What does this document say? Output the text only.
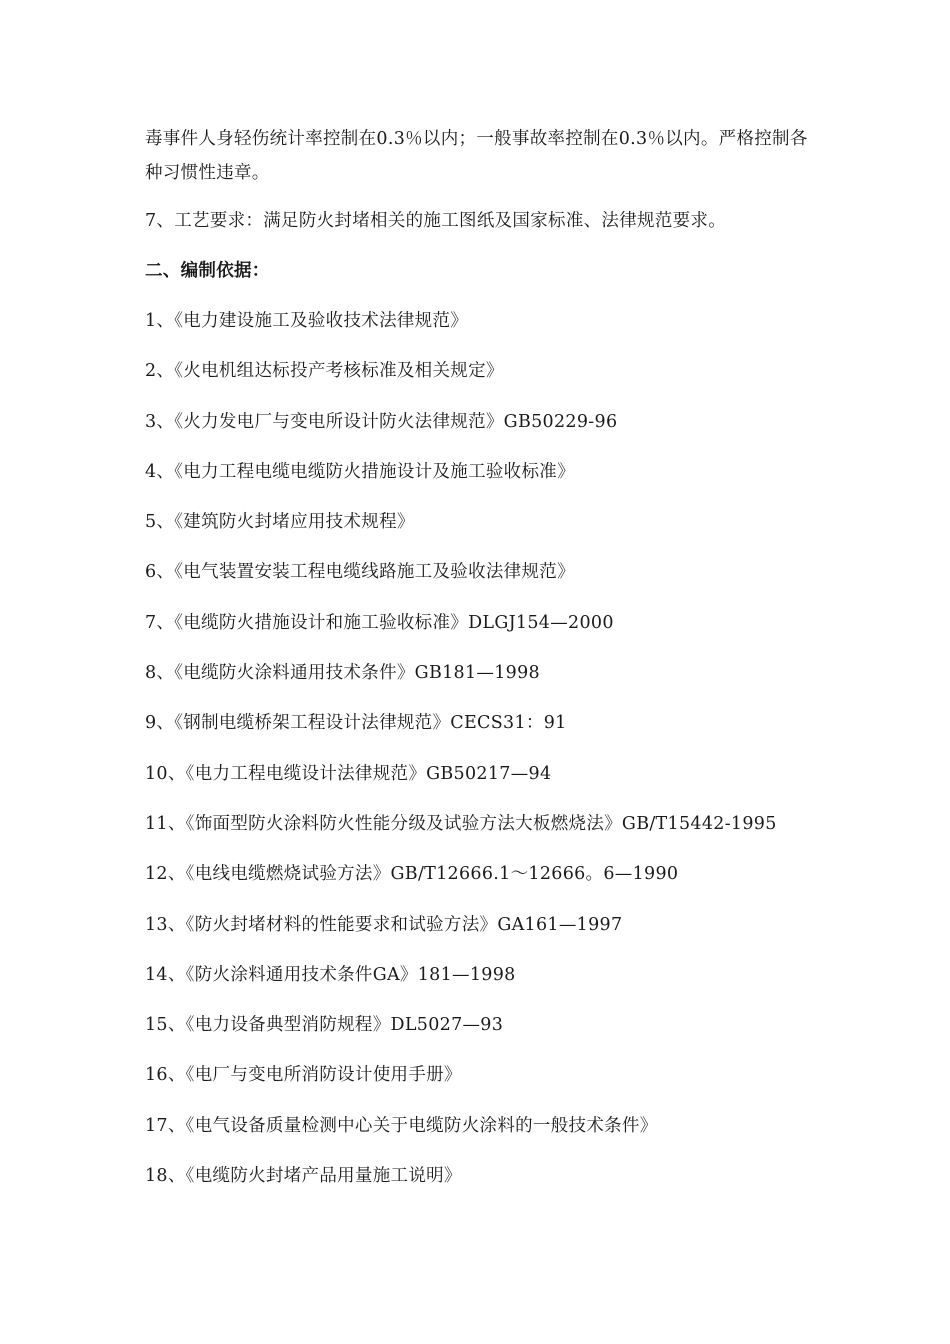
毒事件人身轻伤统计率控制在0.3％以内；一般事故率控制在0.3％以内。严格控制各种习惯性违章。

7、工艺要求：满足防火封堵相关的施工图纸及国家标准、法律规范要求。

二、编制依据：
1、《电力建设施工及验收技术法律规范》
2、《火电机组达标投产考核标准及相关规定》
3、《火力发电厂与变电所设计防火法律规范》GB50229-96
4、《电力工程电缆电缆防火措施设计及施工验收标准》
5、《建筑防火封堵应用技术规程》
6、《电气装置安装工程电缆线路施工及验收法律规范》
7、《电缆防火措施设计和施工验收标准》DLGJ154—2000
8、《电缆防火涂料通用技术条件》GB181—1998
9、《钢制电缆桥架工程设计法律规范》CECS31：91
10、《电力工程电缆设计法律规范》GB50217—94
11、《饰面型防火涂料防火性能分级及试验方法大板燃烧法》GB/T15442-1995
12、《电线电缆燃烧试验方法》GB/T12666.1～12666。6—1990
13、《防火封堵材料的性能要求和试验方法》GA161—1997
14、《防火涂料通用技术条件GA》181—1998
15、《电力设备典型消防规程》DL5027—93
16、《电厂与变电所消防设计使用手册》
17、《电气设备质量检测中心关于电缆防火涂料的一般技术条件》
18、《电缆防火封堵产品用量施工说明》
